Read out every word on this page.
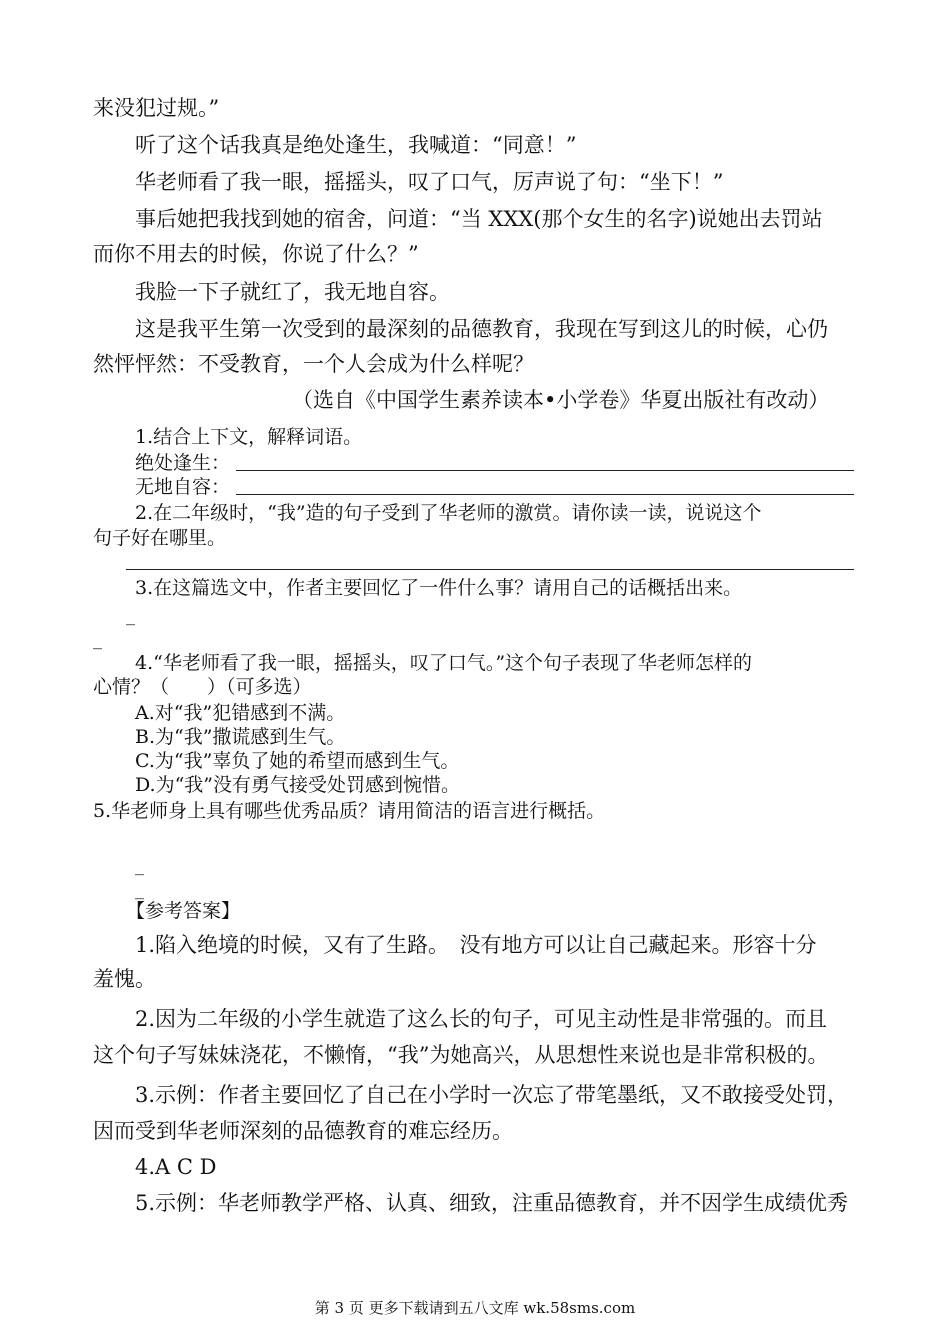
来没犯过规。”
听了这个话我真是绝处逢生，我喊道：“同意！”
华老师看了我一眼，摇摇头，叹了口气，厉声说了句：“坐下！”
事后她把我找到她的宿舍，问道：“当 XXX(那个女生的名字)说她出去罚站
而你不用去的时候，你说了什么？”
我脸一下子就红了，我无地自容。
这是我平生第一次受到的最深刻的品德教育，我现在写到这儿的时候，心仍
然怦怦然：不受教育，一个人会成为什么样呢？
（选自《中国学生素养读本•小学卷》华夏出版社有改动）
1.结合上下文，解释词语。
绝处逢生：
无地自容：
2.在二年级时，“我”造的句子受到了华老师的激赏。请你读一读，说说这个
句子好在哪里。
3.在这篇选文中，作者主要回忆了一件什么事？请用自己的话概括出来。
_
_
4.“华老师看了我一眼，摇摇头，叹了口气。”这个句子表现了华老师怎样的
心情？（　　）（可多选）
A.对“我”犯错感到不满。
B.为“我”撒谎感到生气。
C.为“我”辜负了她的希望而感到生气。
D.为“我”没有勇气接受处罚感到惋惜。
5.华老师身上具有哪些优秀品质？请用简洁的语言进行概括。
_
_
【参考答案】
1.陷入绝境的时候，又有了生路。　没有地方可以让自己藏起来。形容十分
羞愧。
2.因为二年级的小学生就造了这么长的句子，可见主动性是非常强的。而且
这个句子写妹妹浇花，不懒惰，“我”为她高兴，从思想性来说也是非常积极的。
3.示例：作者主要回忆了自己在小学时一次忘了带笔墨纸，又不敢接受处罚，
因而受到华老师深刻的品德教育的难忘经历。
4.A C D
5.示例：华老师教学严格、认真、细致，注重品德教育，并不因学生成绩优秀
第 3 页 更多下载请到五八文库 wk.58sms.com
